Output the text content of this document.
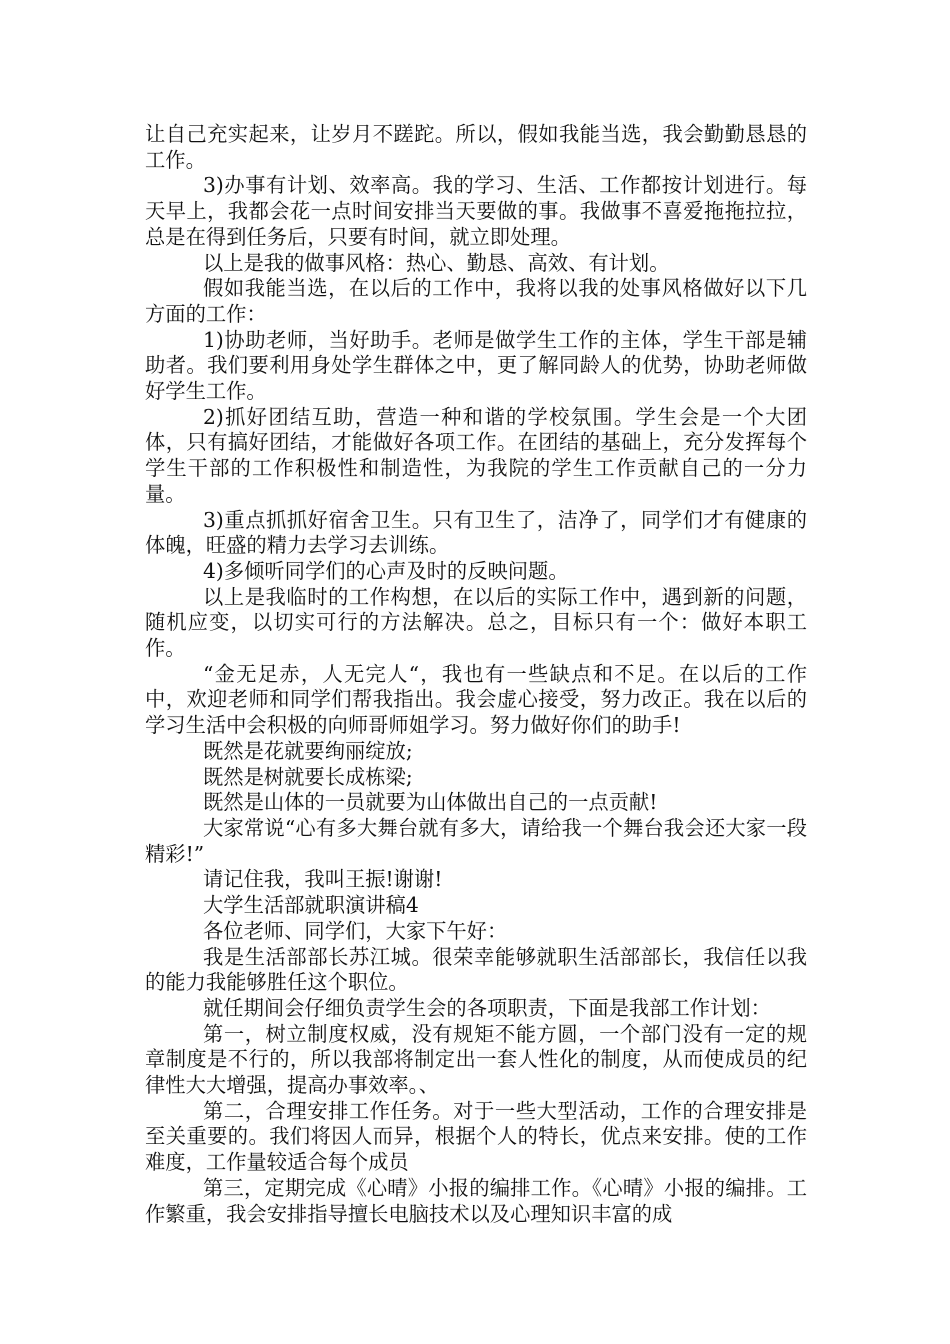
让自己充实起来，让岁月不蹉跎。所以，假如我能当选，我会勤勤恳恳的工作。

3)办事有计划、效率高。我的学习、生活、工作都按计划进行。每天早上，我都会花一点时间安排当天要做的事。我做事不喜爱拖拖拉拉，总是在得到任务后，只要有时间，就立即处理。

以上是我的做事风格：热心、勤恳、高效、有计划。

假如我能当选，在以后的工作中，我将以我的处事风格做好以下几方面的工作：

1)协助老师，当好助手。老师是做学生工作的主体，学生干部是辅助者。我们要利用身处学生群体之中，更了解同龄人的优势，协助老师做好学生工作。

2)抓好团结互助，营造一种和谐的学校氛围。学生会是一个大团体，只有搞好团结，才能做好各项工作。在团结的基础上，充分发挥每个学生干部的工作积极性和制造性，为我院的学生工作贡献自己的一分力量。

3)重点抓抓好宿舍卫生。只有卫生了，洁净了，同学们才有健康的体魄，旺盛的精力去学习去训练。

4)多倾听同学们的心声及时的反映问题。

以上是我临时的工作构想，在以后的实际工作中，遇到新的问题，随机应变，以切实可行的方法解决。总之，目标只有一个：做好本职工作。

“金无足赤，人无完人“，我也有一些缺点和不足。在以后的工作中，欢迎老师和同学们帮我指出。我会虚心接受，努力改正。我在以后的学习生活中会积极的向师哥师姐学习。努力做好你们的助手!

既然是花就要绚丽绽放;

既然是树就要长成栋梁;

既然是山体的一员就要为山体做出自己的一点贡献!

大家常说“心有多大舞台就有多大，请给我一个舞台我会还大家一段精彩!”

请记住我，我叫王振!谢谢!

大学生活部就职演讲稿4

各位老师、同学们，大家下午好：

我是生活部部长苏江城。很荣幸能够就职生活部部长，我信任以我的能力我能够胜任这个职位。

就任期间会仔细负责学生会的各项职责，下面是我部工作计划：

第一，树立制度权威，没有规矩不能方圆，一个部门没有一定的规章制度是不行的，所以我部将制定出一套人性化的制度，从而使成员的纪律性大大增强，提高办事效率。、

第二，合理安排工作任务。对于一些大型活动，工作的合理安排是至关重要的。我们将因人而异，根据个人的特长，优点来安排。使的工作难度，工作量较适合每个成员

第三，定期完成《心晴》小报的编排工作。《心晴》小报的编排。工作繁重，我会安排指导擅长电脑技术以及心理知识丰富的成
